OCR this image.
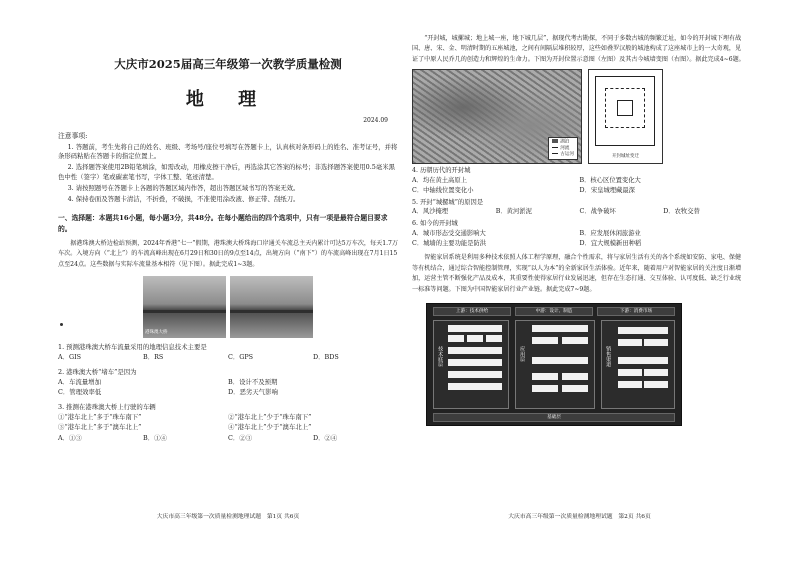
大庆市2025届高三年级第一次教学质量检测
地 理
2024.09
注意事项:

1. 答题前，考生先将自己的姓名、班级、考场号/座位号填写在答题卡上，认真核对条形码上的姓名、准考证号，并将条形码粘贴在答题卡的指定位置上。

2. 选择题答案使用2B铅笔填涂，如需改动，用橡皮擦干净后，再选涂其它答案的标号；非选择题答案使用0.5毫米黑色中性（签字）笔或碳素笔书写，字体工整、笔迹清楚。

3. 请按照题号在答题卡上各题的答题区域内作答，超出答题区域书写的答案无效。

4. 保持卷面及答题卡清洁，不折叠，不破损，不准使用涂改液、修正带、刮纸刀。

一、选择题：本题共16小题，每小题3分，共48分。在每小题给出的四个选项中，只有一项是最符合题目要求的。
据港珠澳大桥边检站预测，2024年香港“七一”假期，港珠澳大桥珠海口岸通关车流总主天内累计可达5万车次，每天1.7万车次。入境方向（“北上”）的车流高峰出现在6月29日和30日的9点至14点，出境方向（“南下”）的车流高峰出现在7月1日15点至24点。这些数据与实际车流量基本相符（见下图）。据此完成1~3题。
港珠澳大桥
1. 预测港珠澳大桥车流量采用的地理信息技术主要是
A．GIS	B．RS	C．GPS	D．BDS
2. 港珠澳大桥“堵车”是因为
A．车流量增加	B．设计不及预期
C．管理效率低	D．恶劣天气影响
3. 推测在港珠澳大桥上行驶的车辆
①“港车北上”多于“珠车南下”	②“港车北上”少于“珠车南下”
③“港车北上”多于“澳车北上”	④“港车北上”少于“澳车北上”
A．①③	B．①④	C．②③	D．②④
大庆市高三年级第一次质量检测地理试题　第1页 共6页
“开封城，城摞城；地上城一座，地下城几层”，据现代考古勘探，不同于多数古城的频繁迁址，如今的开封城下埋有战国、唐、宋、金、明清时期的五座城池，之间有间隔层堆积较厚，这些如叠罗汉般的城池构成了这座城市上的一大奇观，见证了中原人民乔几的创造力和辉煌的生命力。下图为开封位置示意图（左图）及其古今城墙变图（右图）。据此完成4~6题。
湖泊
河流
古运河	开封城址变迁
4. 历朝历代的开封城
A．均在黄土高原上	B．核心区位置变化大
C．中轴线位置变化小	D．宋皇城埋藏最深
5. 开封“城摞城”的原因是
A．风沙掩埋	B．黄河淤泥	C．战争破坏	D．农牧交替
6. 如今的开封城
A．城市形态受交通影响大	B．应发展休闲旅游业
C．城墙的主要功能是防洪	D．宜大规模新田种稻
智能家居系统是利用多种技术依照人体工程学原理，融合个性需求，将与家居生活有关的各个系统如安防、家电、保健等有机结合，通过综合智能控制管理，实现“以人为本”的全新家居生活体验。近年来，随着用户对智能家居的关注度日渐增加，运营主管不断强化产品及成本，其重要性使得家居行业发展迅速，但存在生态打通、交互体验、认可度低、缺乏行业统一标准等问题。下图为中国智能家居行业产业链。据此完成7~9题。
上游：技术供给	中游：设计、制造	下游：消费市场
技术底层	应用层	销售渠道
基础层
大庆市高三年级第一次质量检测地理试题　第2页 共6页
